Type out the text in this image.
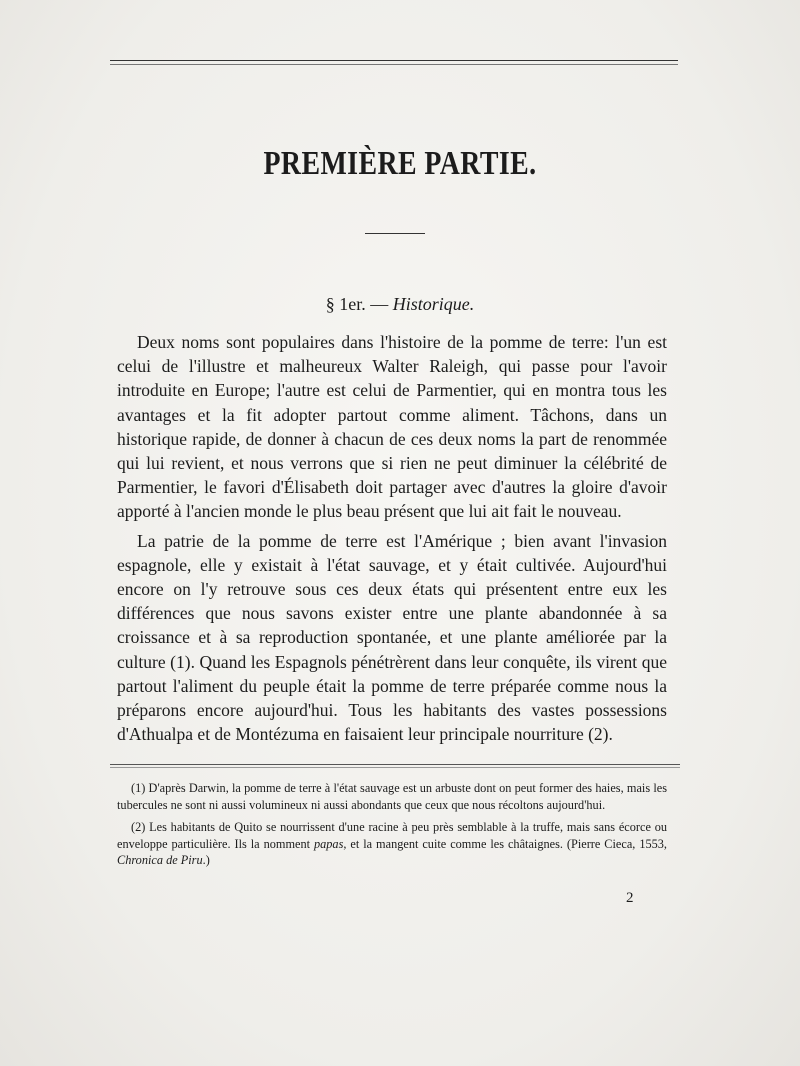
PREMIÈRE PARTIE.
§ 1er. — Historique.

Deux noms sont populaires dans l'histoire de la pomme de terre: l'un est celui de l'illustre et malheureux Walter Raleigh, qui passe pour l'avoir introduite en Europe; l'autre est celui de Parmentier, qui en montra tous les avantages et la fit adopter partout comme aliment. Tâchons, dans un historique rapide, de donner à chacun de ces deux noms la part de renommée qui lui revient, et nous verrons que si rien ne peut diminuer la célébrité de Parmentier, le favori d'Élisabeth doit partager avec d'autres la gloire d'avoir apporté à l'ancien monde le plus beau présent que lui ait fait le nouveau.

La patrie de la pomme de terre est l'Amérique ; bien avant l'invasion espagnole, elle y existait à l'état sauvage, et y était cultivée. Aujourd'hui encore on l'y retrouve sous ces deux états qui présentent entre eux les différences que nous savons exister entre une plante abandonnée à sa croissance et à sa reproduction spontanée, et une plante améliorée par la culture (1). Quand les Espagnols pénétrèrent dans leur conquête, ils virent que partout l'aliment du peuple était la pomme de terre préparée comme nous la préparons encore aujourd'hui. Tous les habitants des vastes possessions d'Athualpa et de Montézuma en faisaient leur principale nourriture (2).

(1) D'après Darwin, la pomme de terre à l'état sauvage est un arbuste dont on peut former des haies, mais les tubercules ne sont ni aussi volumineux ni aussi abondants que ceux que nous récoltons aujourd'hui.

(2) Les habitants de Quito se nourrissent d'une racine à peu près semblable à la truffe, mais sans écorce ou enveloppe particulière. Ils la nomment papas, et la mangent cuite comme les châtaignes. (Pierre Cieca, 1553, Chronica de Piru.)

2
